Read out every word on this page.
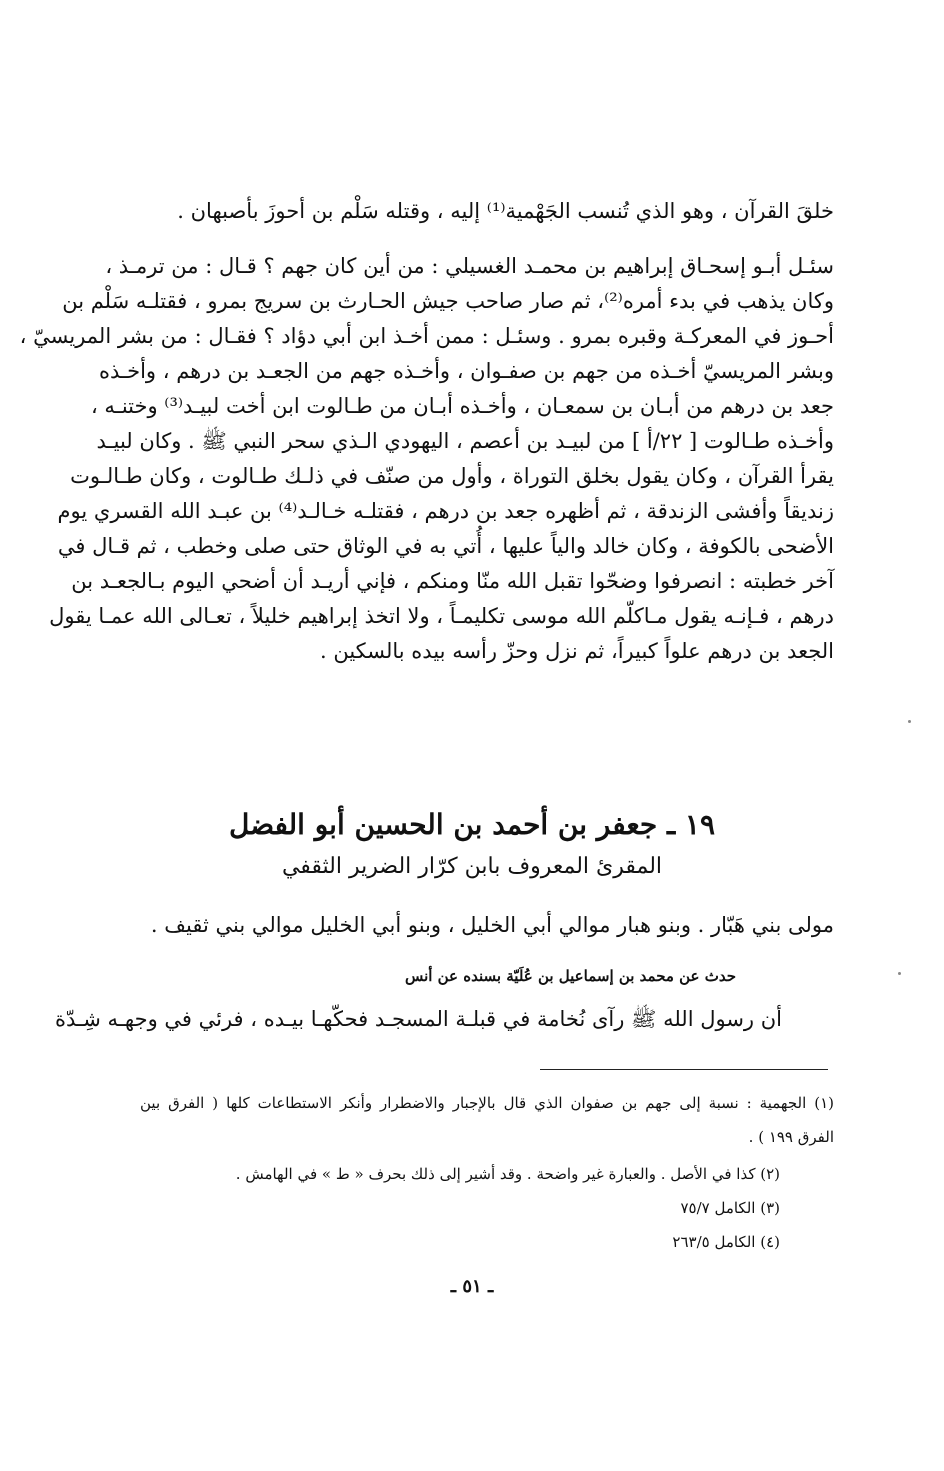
خلقَ القرآن ، وهو الذي تُنسب الجَهْمية⁽¹⁾ إليه ، وقتله سَلْم بن أحوزَ بأصبهان .
سئـل أبـو إسحـاق إبراهيم بن محمـد الغسيلي : من أين كان جهم ؟ قـال : من ترمـذ ،
وكان يذهب في بدء أمره⁽²⁾، ثم صار صاحب جيش الحـارث بن سريج بمرو ، فقتلـه سَلْم بن
أحـوز في المعركـة وقبره بمرو . وسئـل : ممن أخـذ ابن أبي دؤاد ؟ فقـال : من بشر المريسيّ ،
وبشر المريسيّ أخـذه من جهم بن صفـوان ، وأخـذه جهم من الجعـد بن درهم ، وأخـذه
جعد بن درهم من أبـان بن سمعـان ، وأخـذه أبـان من طـالوت ابن أخت لبيـد⁽³⁾ وختنـه ،
وأخـذه طـالوت [ ٢٢/أ ] من لبيـد بن أعصم ، اليهودي الـذي سحر النبي ﷺ . وكان لبيـد
يقرأ القرآن ، وكان يقول بخلق التوراة ، وأول من صنّف في ذلـك طـالوت ، وكان طـالـوت
زنديقاً وأفشى الزندقة ، ثم أظهره جعد بن درهم ، فقتلـه خـالـد⁽⁴⁾ بن عبـد الله القسري يوم
الأضحى بالكوفة ، وكان خالد والياً عليها ، أُتي به في الوثاق حتى صلى وخطب ، ثم قـال في
آخر خطبته : انصرفوا وضحّوا تقبل الله منّا ومنكم ، فإني أريـد أن أضحي اليوم بـالجعـد بن
درهم ، فـإنـه يقول مـاكلّم الله موسى تكليمـاً ، ولا اتخذ إبراهيم خليلاً ، تعـالى الله عمـا يقول
الجعد بن درهم علواً كبيراً، ثم نزل وحزّ رأسه بيده بالسكين .
١٩ ـ جعفر بن أحمد بن الحسين أبو الفضل
المقرئ المعروف بابن كرّار الضرير الثقفي
مولى بني هَبّار . وبنو هبار موالي أبي الخليل ، وبنو أبي الخليل موالي بني ثقيف .
حدث عن محمد بن إسماعيل بن عُلَيّة بسنده عن أنس
أن رسول الله ﷺ رآى نُخامة في قبلـة المسجـد فحكّهـا بيـده ، فرئي في وجهـه شِـدّة
(١) الجهمية : نسبة إلى جهم بن صفوان الذي قال بالإجبار والاضطرار وأنكر الاستطاعات كلها ( الفرق بين
الفرق ١٩٩ ) .
(٢) كذا في الأصل . والعبارة غير واضحة . وقد أشير إلى ذلك بحرف « ط » في الهامش .
(٣) الكامل ٧٥/٧
(٤) الكامل ٢٦٣/٥
ـ ٥١ ـ
